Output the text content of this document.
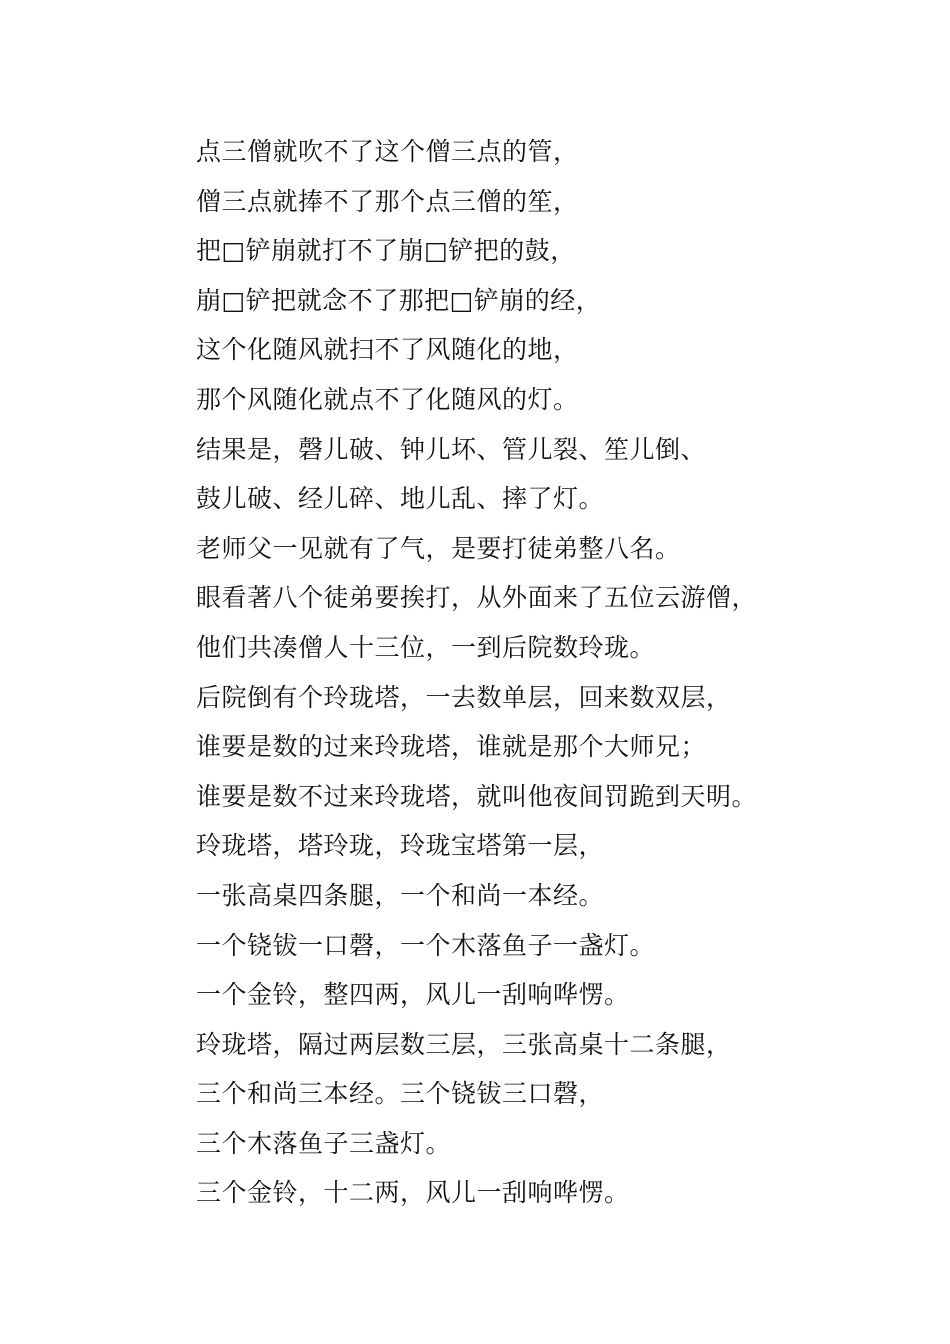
点三僧就吹不了这个僧三点的管，
僧三点就捧不了那个点三僧的笙，
把□铲崩就打不了崩□铲把的鼓，
崩□铲把就念不了那把□铲崩的经，
这个化随风就扫不了风随化的地，
那个风随化就点不了化随风的灯。
结果是，磬儿破、钟儿坏、管儿裂、笙儿倒、
鼓儿破、经儿碎、地儿乱、摔了灯。
老师父一见就有了气，是要打徒弟整八名。
眼看著八个徒弟要挨打，从外面来了五位云游僧，
他们共凑僧人十三位，一到后院数玲珑。
后院倒有个玲珑塔，一去数单层，回来数双层，
谁要是数的过来玲珑塔，谁就是那个大师兄；
谁要是数不过来玲珑塔，就叫他夜间罚跪到天明。
玲珑塔，塔玲珑，玲珑宝塔第一层，
一张高桌四条腿，一个和尚一本经。
一个铙钹一口磬，一个木落鱼子一盏灯。
一个金铃，整四两，风儿一刮响哗愣。
玲珑塔，隔过两层数三层，三张高桌十二条腿，
三个和尚三本经。三个铙钹三口磬，
三个木落鱼子三盏灯。
三个金铃，十二两，风儿一刮响哗愣。
